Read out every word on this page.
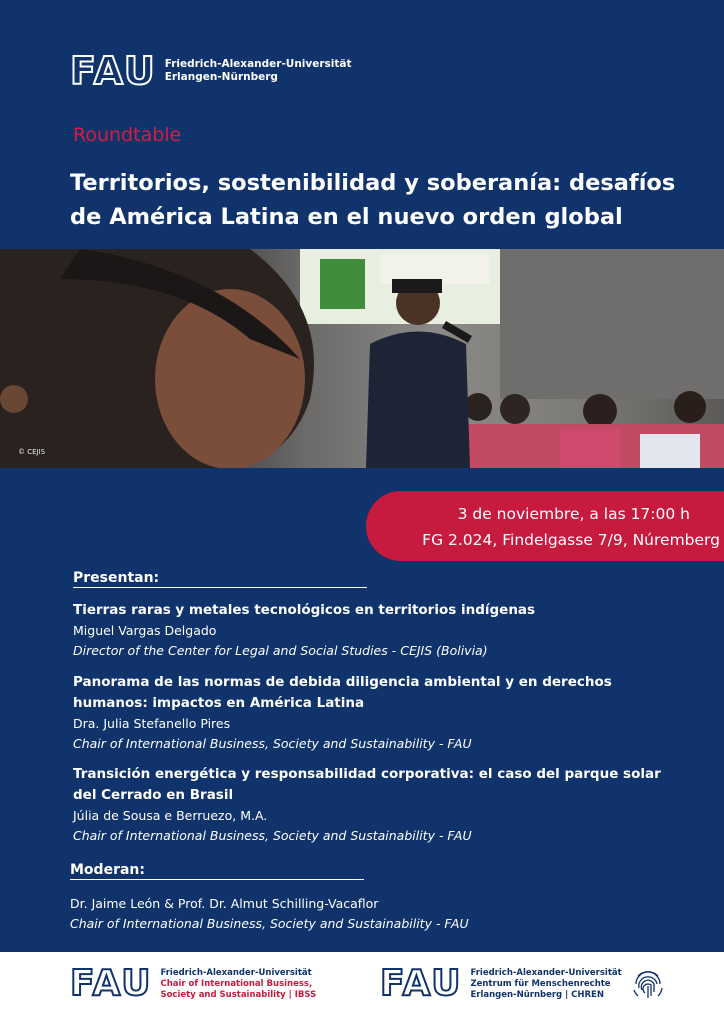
FAU Friedrich-Alexander-Universität
Erlangen-Nürnberg
Roundtable
Territorios, sostenibilidad y soberanía: desafíos
de América Latina en el nuevo orden global
© CEJIS
3 de noviembre, a las 17:00 h
FG 2.024, Findelgasse 7/9, Núremberg
Presentan:
Tierras raras y metales tecnológicos en territorios indígenas
Miguel Vargas Delgado
Director of the Center for Legal and Social Studies - CEJIS (Bolivia)
Panorama de las normas de debida diligencia ambiental y en derechos
humanos: impactos en América Latina
Dra. Julia Stefanello Pires
Chair of International Business, Society and Sustainability - FAU
Transición energética y responsabilidad corporativa: el caso del parque solar
del Cerrado en Brasil
Júlia de Sousa e Berruezo, M.A.
Chair of International Business, Society and Sustainability - FAU
Moderan:
Dr. Jaime León & Prof. Dr. Almut Schilling-Vacaflor
Chair of International Business, Society and Sustainability - FAU
FAU Friedrich-Alexander-Universität
Chair of International Business,
Society and Sustainability | IBSS FAU Friedrich-Alexander-Universität
Zentrum für Menschenrechte
Erlangen-Nürnberg | CHREN
